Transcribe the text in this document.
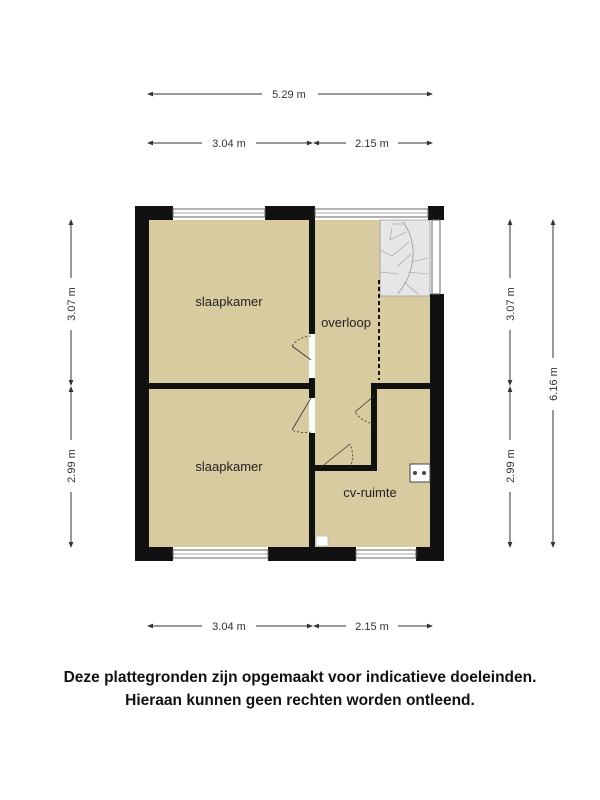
5.29 m
3.04 m	2.15 m
3.04 m	2.15 m
3.07 m
2.99 m
3.07 m
2.99 m
6.16 m
slaapkamer
slaapkamer
overloop
cv-ruimte
Deze plattegronden zijn opgemaakt voor indicatieve doeleinden.
Hieraan kunnen geen rechten worden ontleend.
